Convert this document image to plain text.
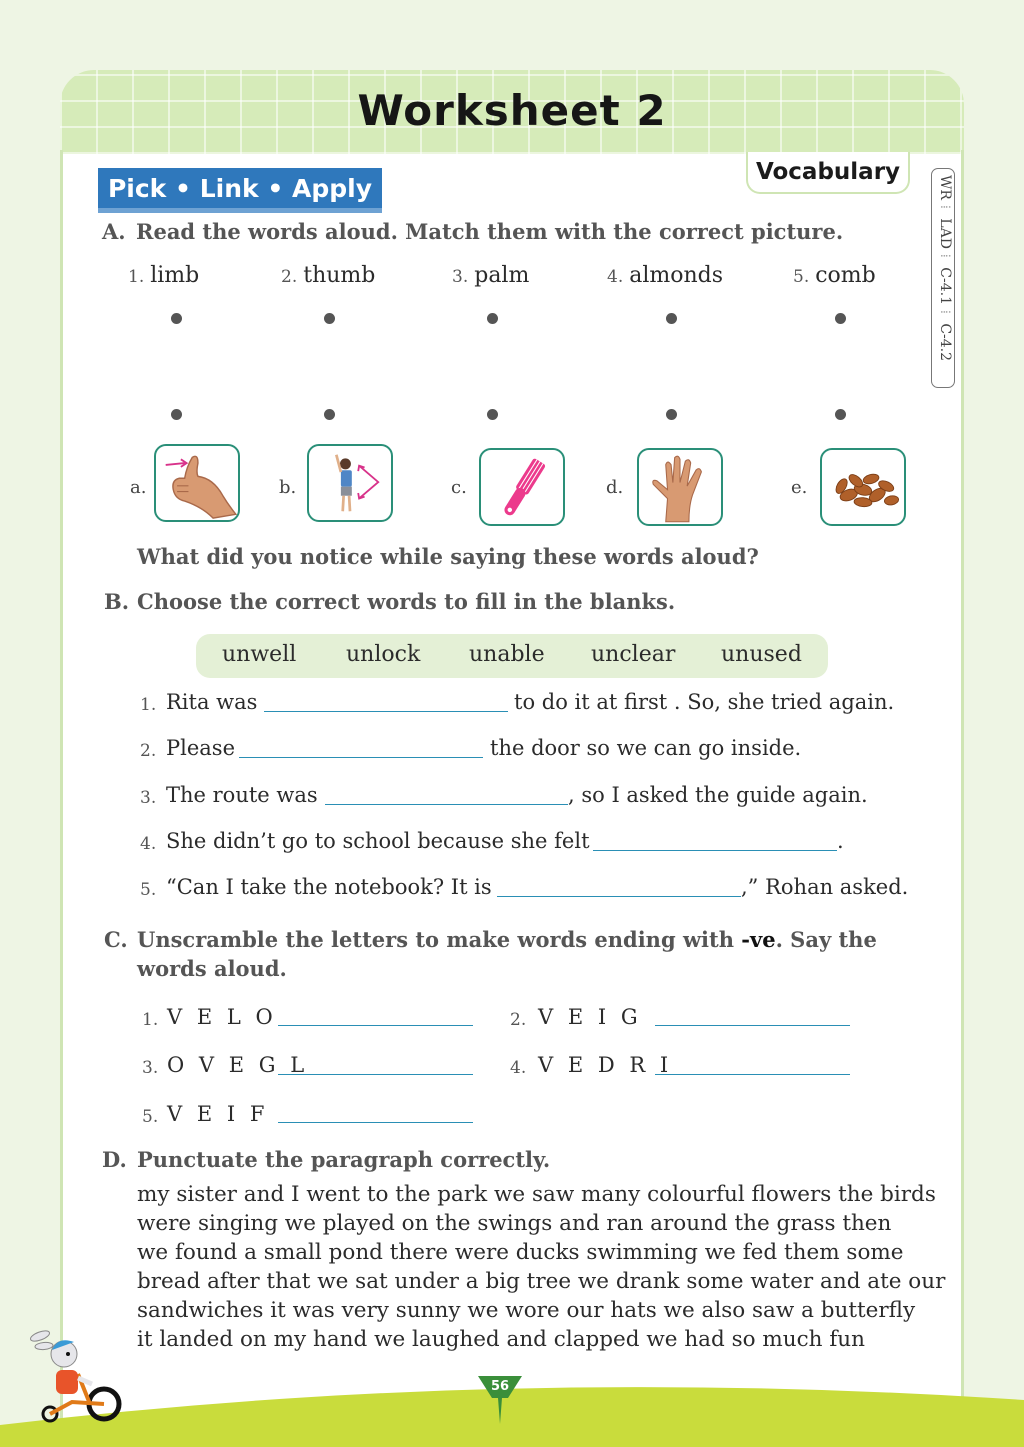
Worksheet 2
Pick • Link • Apply
Vocabulary
WR⁞ LAD⁞ C-4.1⁞ C-4.2
A. Read the words aloud. Match them with the correct picture.
1. limb	2. thumb	3. palm	4. almonds	5. comb
a.	b.	c.	d.	e.
What did you notice while saying these words aloud?
B. Choose the correct words to fill in the blanks.
unwell unlock unable unclear unused
1. Rita was	to do it at first . So, she tried again.
2. Please	the door so we can go inside.
3. The route was	, so I asked the guide again.
4. She didn’t go to school because she felt	.
5. “Can I take the notebook? It is	,” Rohan asked.
C. Unscramble the letters to make words ending with -ve. Say the
words aloud.
1. V E L O	2. V E I G
3. O V E G L	4. V E D R I
5. V E I F
D. Punctuate the paragraph correctly.
my sister and I went to the park we saw many colourful flowers the birds
were singing we played on the swings and ran around the grass then
we found a small pond there were ducks swimming we fed them some
bread after that we sat under a big tree we drank some water and ate our
sandwiches it was very sunny we wore our hats we also saw a butterfly
it landed on my hand we laughed and clapped we had so much fun
56
